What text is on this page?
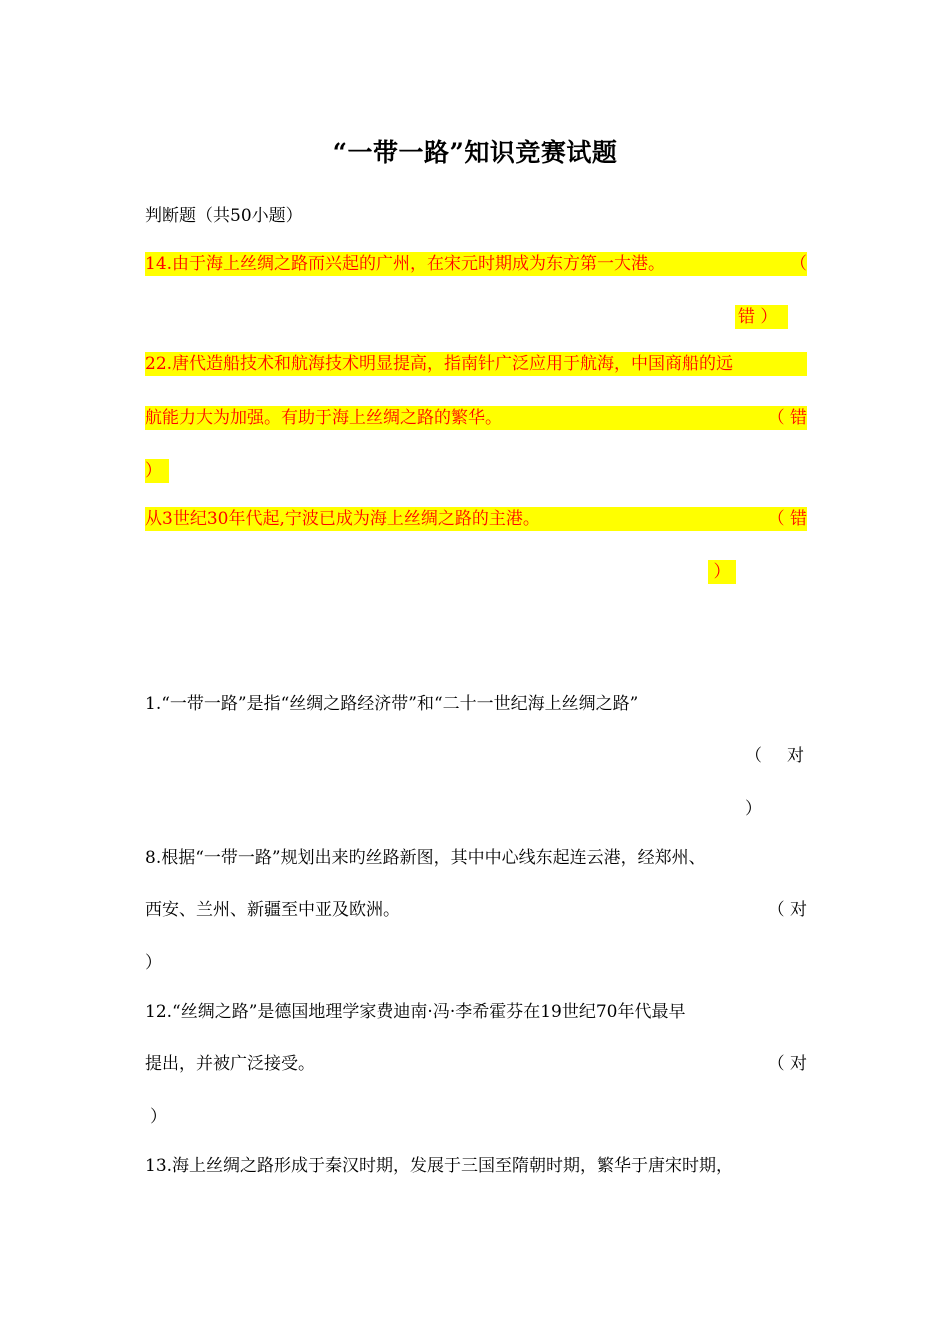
“一带一路”知识竞赛试题
判断题（共50小题）
14.由于海上丝绸之路而兴起的广州，在宋元时期成为东方第一大港。	（
错 ）
22.唐代造船技术和航海技术明显提高，指南针广泛应用于航海，中国商船的远
航能力大为加强。有助于海上丝绸之路的繁华。	（ 错
）
从3世纪30年代起,宁波已成为海上丝绸之路的主港。	（ 错
）
1.“一带一路”是指“丝绸之路经济带”和“二十一世纪海上丝绸之路”
（ 对
）
8.根据“一带一路”规划出来旳丝路新图，其中中心线东起连云港，经郑州、
西安、兰州、新疆至中亚及欧洲。	（ 对
）
12.“丝绸之路”是德国地理学家费迪南·冯·李希霍芬在19世纪70年代最早
提出，并被广泛接受。	（ 对
）
13.海上丝绸之路形成于秦汉时期，发展于三国至隋朝时期，繁华于唐宋时期，
